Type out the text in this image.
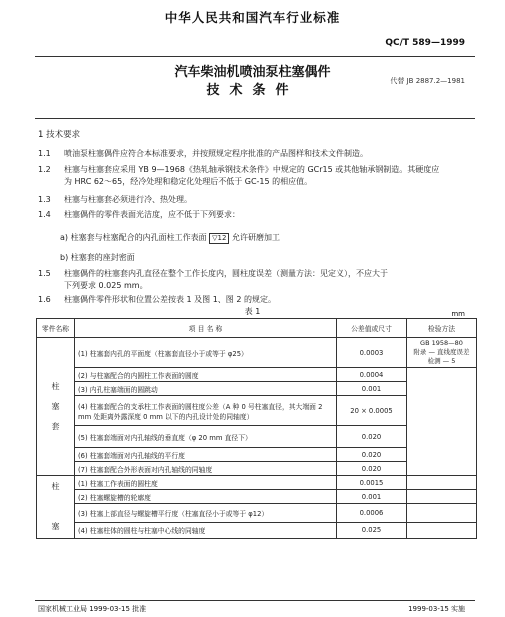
中华人民共和国汽车行业标准
QC/T 589—1999
汽车柴油机喷油泵柱塞偶件
技术条件
代替 JB 2887.2—1981
1 技术要求
1.1 喷油泵柱塞偶件应符合本标准要求，并按照规定程序批准的产品图样和技术文件制造。
1.2 柱塞与柱塞套应采用 YB 9—1968《热轧轴承钢技术条件》中规定的 GCr15 或其他轴承钢制造。其硬度应
为 HRC 62～65，经冷处理和稳定化处理后不低于 GC-15 的相应值。
1.3 柱塞与柱塞套必须进行冷、热处理。
1.4 柱塞偶件的零件表面光洁度，应不低于下列要求：
a) 柱塞套与柱塞配合的内孔面柱工作表面 ▽12 允许研磨加工
b) 柱塞套的座封密面
1.5 柱塞偶件的柱塞套内孔直径在整个工作长度内，圆柱度误差（测量方法：见定义），不应大于
下列要求 0.025 mm。
1.6 柱塞偶件零件形状和位置公差按表 1 及图 1、图 2 的规定。
表 1	mm
零件名称	项 目 名 称	公差值或尺寸	检验方法
柱
塞
套	(1) 柱塞套内孔的平面度（柱塞套直径小于或等于 φ25）	0.0003	GB 1958—80
附录 — 直线度误差
检测 — 5
	(2) 与柱塞配合的内圆柱工作表面的圆度	0.0004	
	(3) 内孔柱塞端面的圆跳动	0.001	
	(4) 柱塞套配合的支承柱工作表面的圆柱度公差（A 种 0 号柱塞直径，其大端面 2 mm 处距离外露深度 0 mm 以下的内孔设计处的同轴度）	20 × 0.0005	
	(5) 柱塞套端面对内孔轴线的垂直度（φ 20 mm 直径下）	0.020	
	(6) 柱塞套端面对内孔轴线的平行度	0.020	
	(7) 柱塞套配合外形表面对内孔轴线的同轴度	0.020	
柱

塞	(1) 柱塞工作表面的圆柱度	0.0015	
	(2) 柱塞螺旋槽的轮廓度	0.001	
	(3) 柱塞上部直径与螺旋槽平行度（柱塞直径小于或等于 φ12）	0.0006	
	(4) 柱塞柱体的圆柱与柱塞中心线的同轴度	0.025	
国家机械工业局 1999-03-15 批准	1999-03-15 实施
